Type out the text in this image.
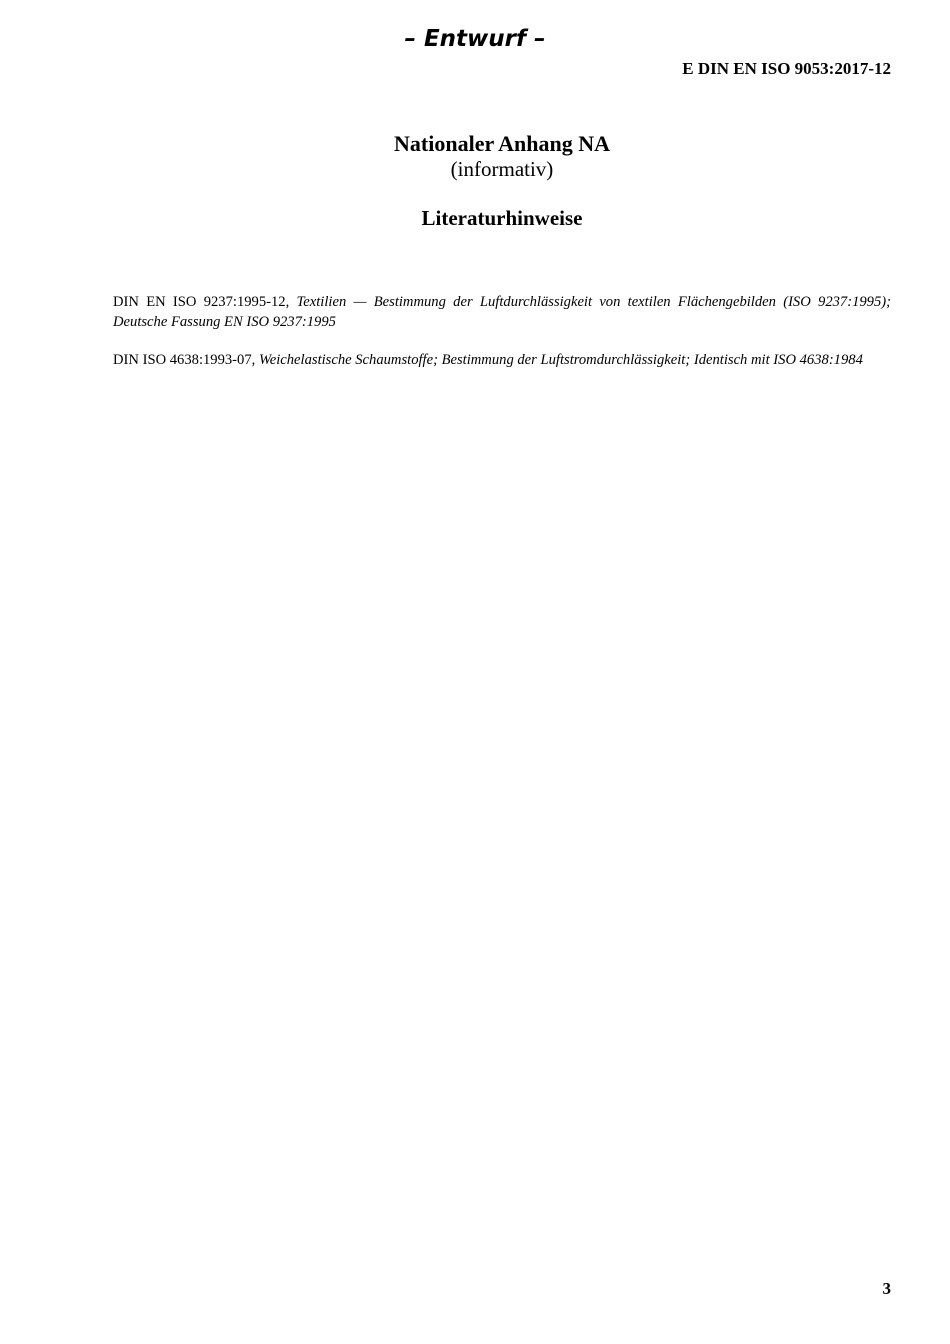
– Entwurf –
E DIN EN ISO 9053:2017-12
Nationaler Anhang NA
(informativ)
Literaturhinweise

DIN EN ISO 9237:1995-12, Textilien — Bestimmung der Luftdurchlässigkeit von textilen Flächengebilden (ISO 9237:1995); Deutsche Fassung EN ISO 9237:1995

DIN ISO 4638:1993-07, Weichelastische Schaumstoffe; Bestimmung der Luftstromdurchlässigkeit; Identisch mit ISO 4638:1984

3
